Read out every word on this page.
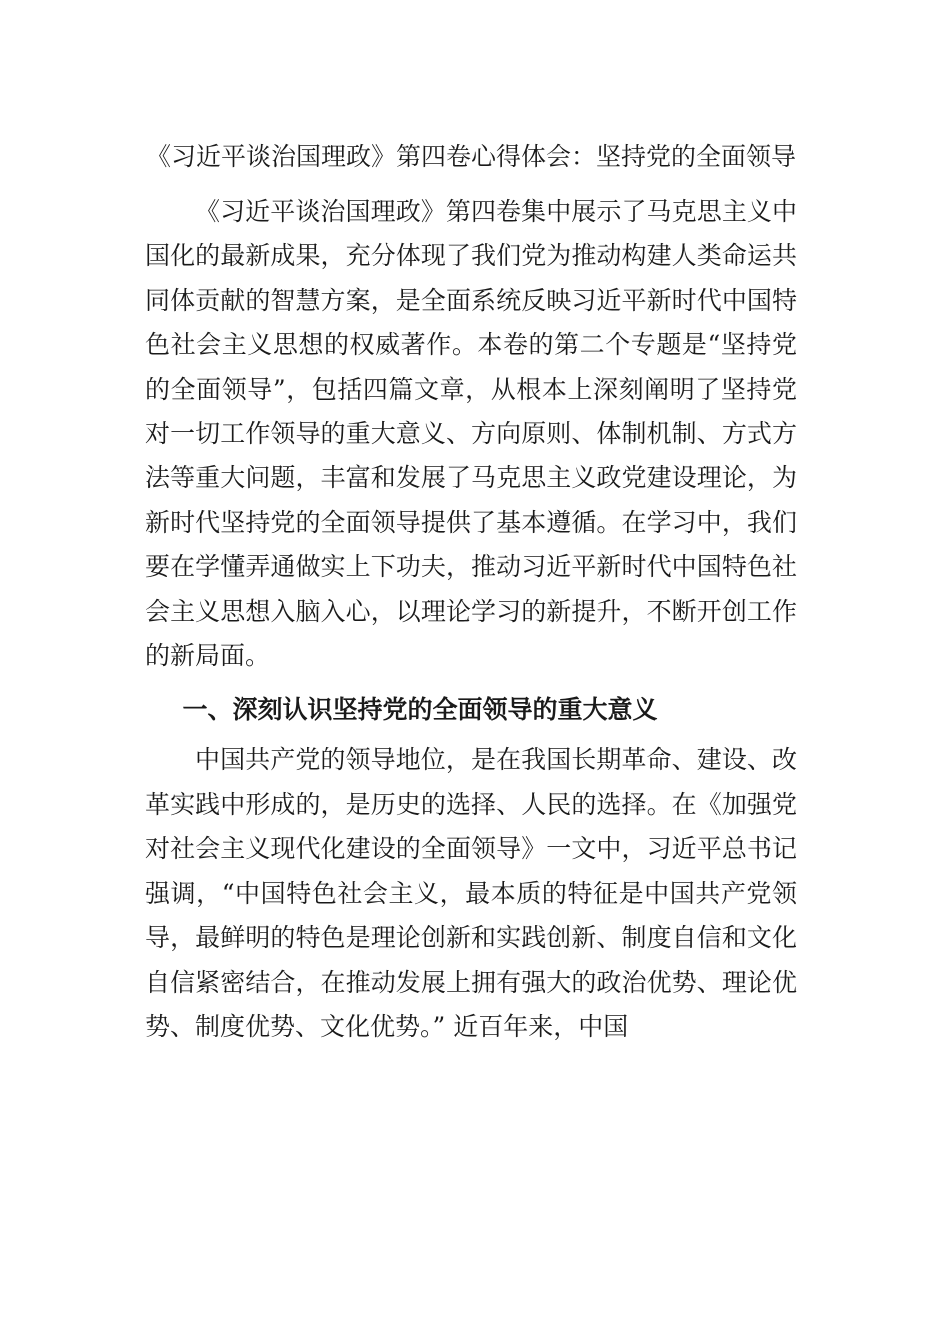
《习近平谈治国理政》第四卷心得体会：坚持党的全面领导

《习近平谈治国理政》第四卷集中展示了马克思主义中国化的最新成果，充分体现了我们党为推动构建人类命运共同体贡献的智慧方案，是全面系统反映习近平新时代中国特色社会主义思想的权威著作。本卷的第二个专题是“坚持党的全面领导”，包括四篇文章，从根本上深刻阐明了坚持党对一切工作领导的重大意义、方向原则、体制机制、方式方法等重大问题，丰富和发展了马克思主义政党建设理论，为新时代坚持党的全面领导提供了基本遵循。在学习中，我们要在学懂弄通做实上下功夫，推动习近平新时代中国特色社会主义思想入脑入心，以理论学习的新提升，不断开创工作的新局面。

一、深刻认识坚持党的全面领导的重大意义

中国共产党的领导地位，是在我国长期革命、建设、改革实践中形成的，是历史的选择、人民的选择。在《加强党对社会主义现代化建设的全面领导》一文中，习近平总书记强调，“中国特色社会主义，最本质的特征是中国共产党领导，最鲜明的特色是理论创新和实践创新、制度自信和文化自信紧密结合，在推动发展上拥有强大的政治优势、理论优势、制度优势、文化优势。” 近百年来，中国
